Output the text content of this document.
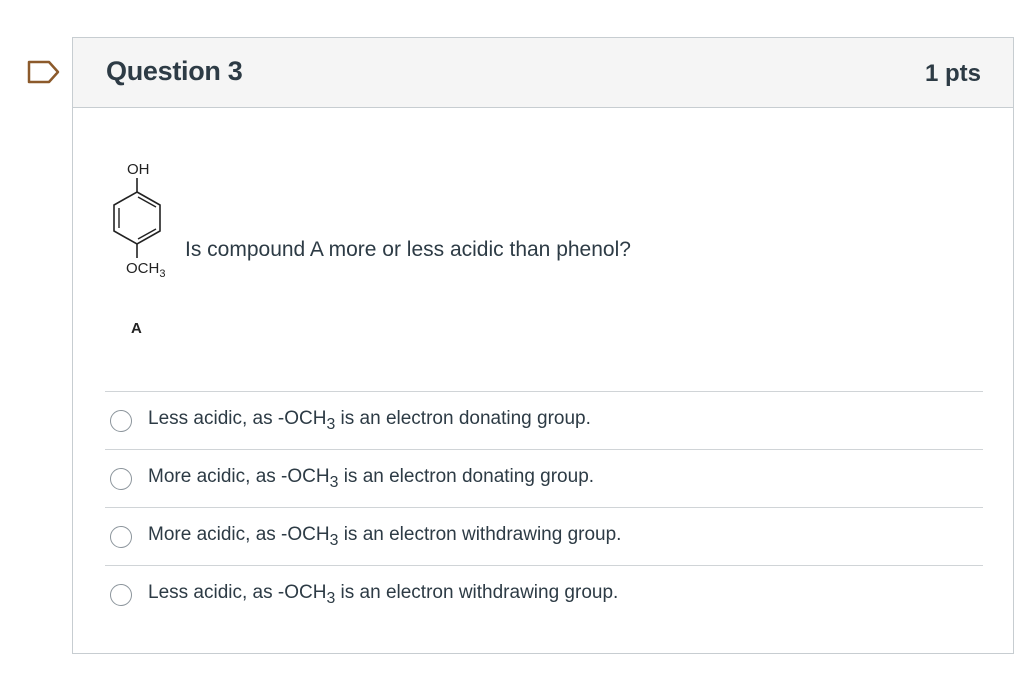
Question 3	1 pts
OH
$OCH_3$
A
Is compound A more or less acidic than phenol?
Less acidic, as $-OCH_3$ is an electron donating group.
More acidic, as $-OCH_3$ is an electron donating group.
More acidic, as $-OCH_3$ is an electron withdrawing group.
Less acidic, as $-OCH_3$ is an electron withdrawing group.
